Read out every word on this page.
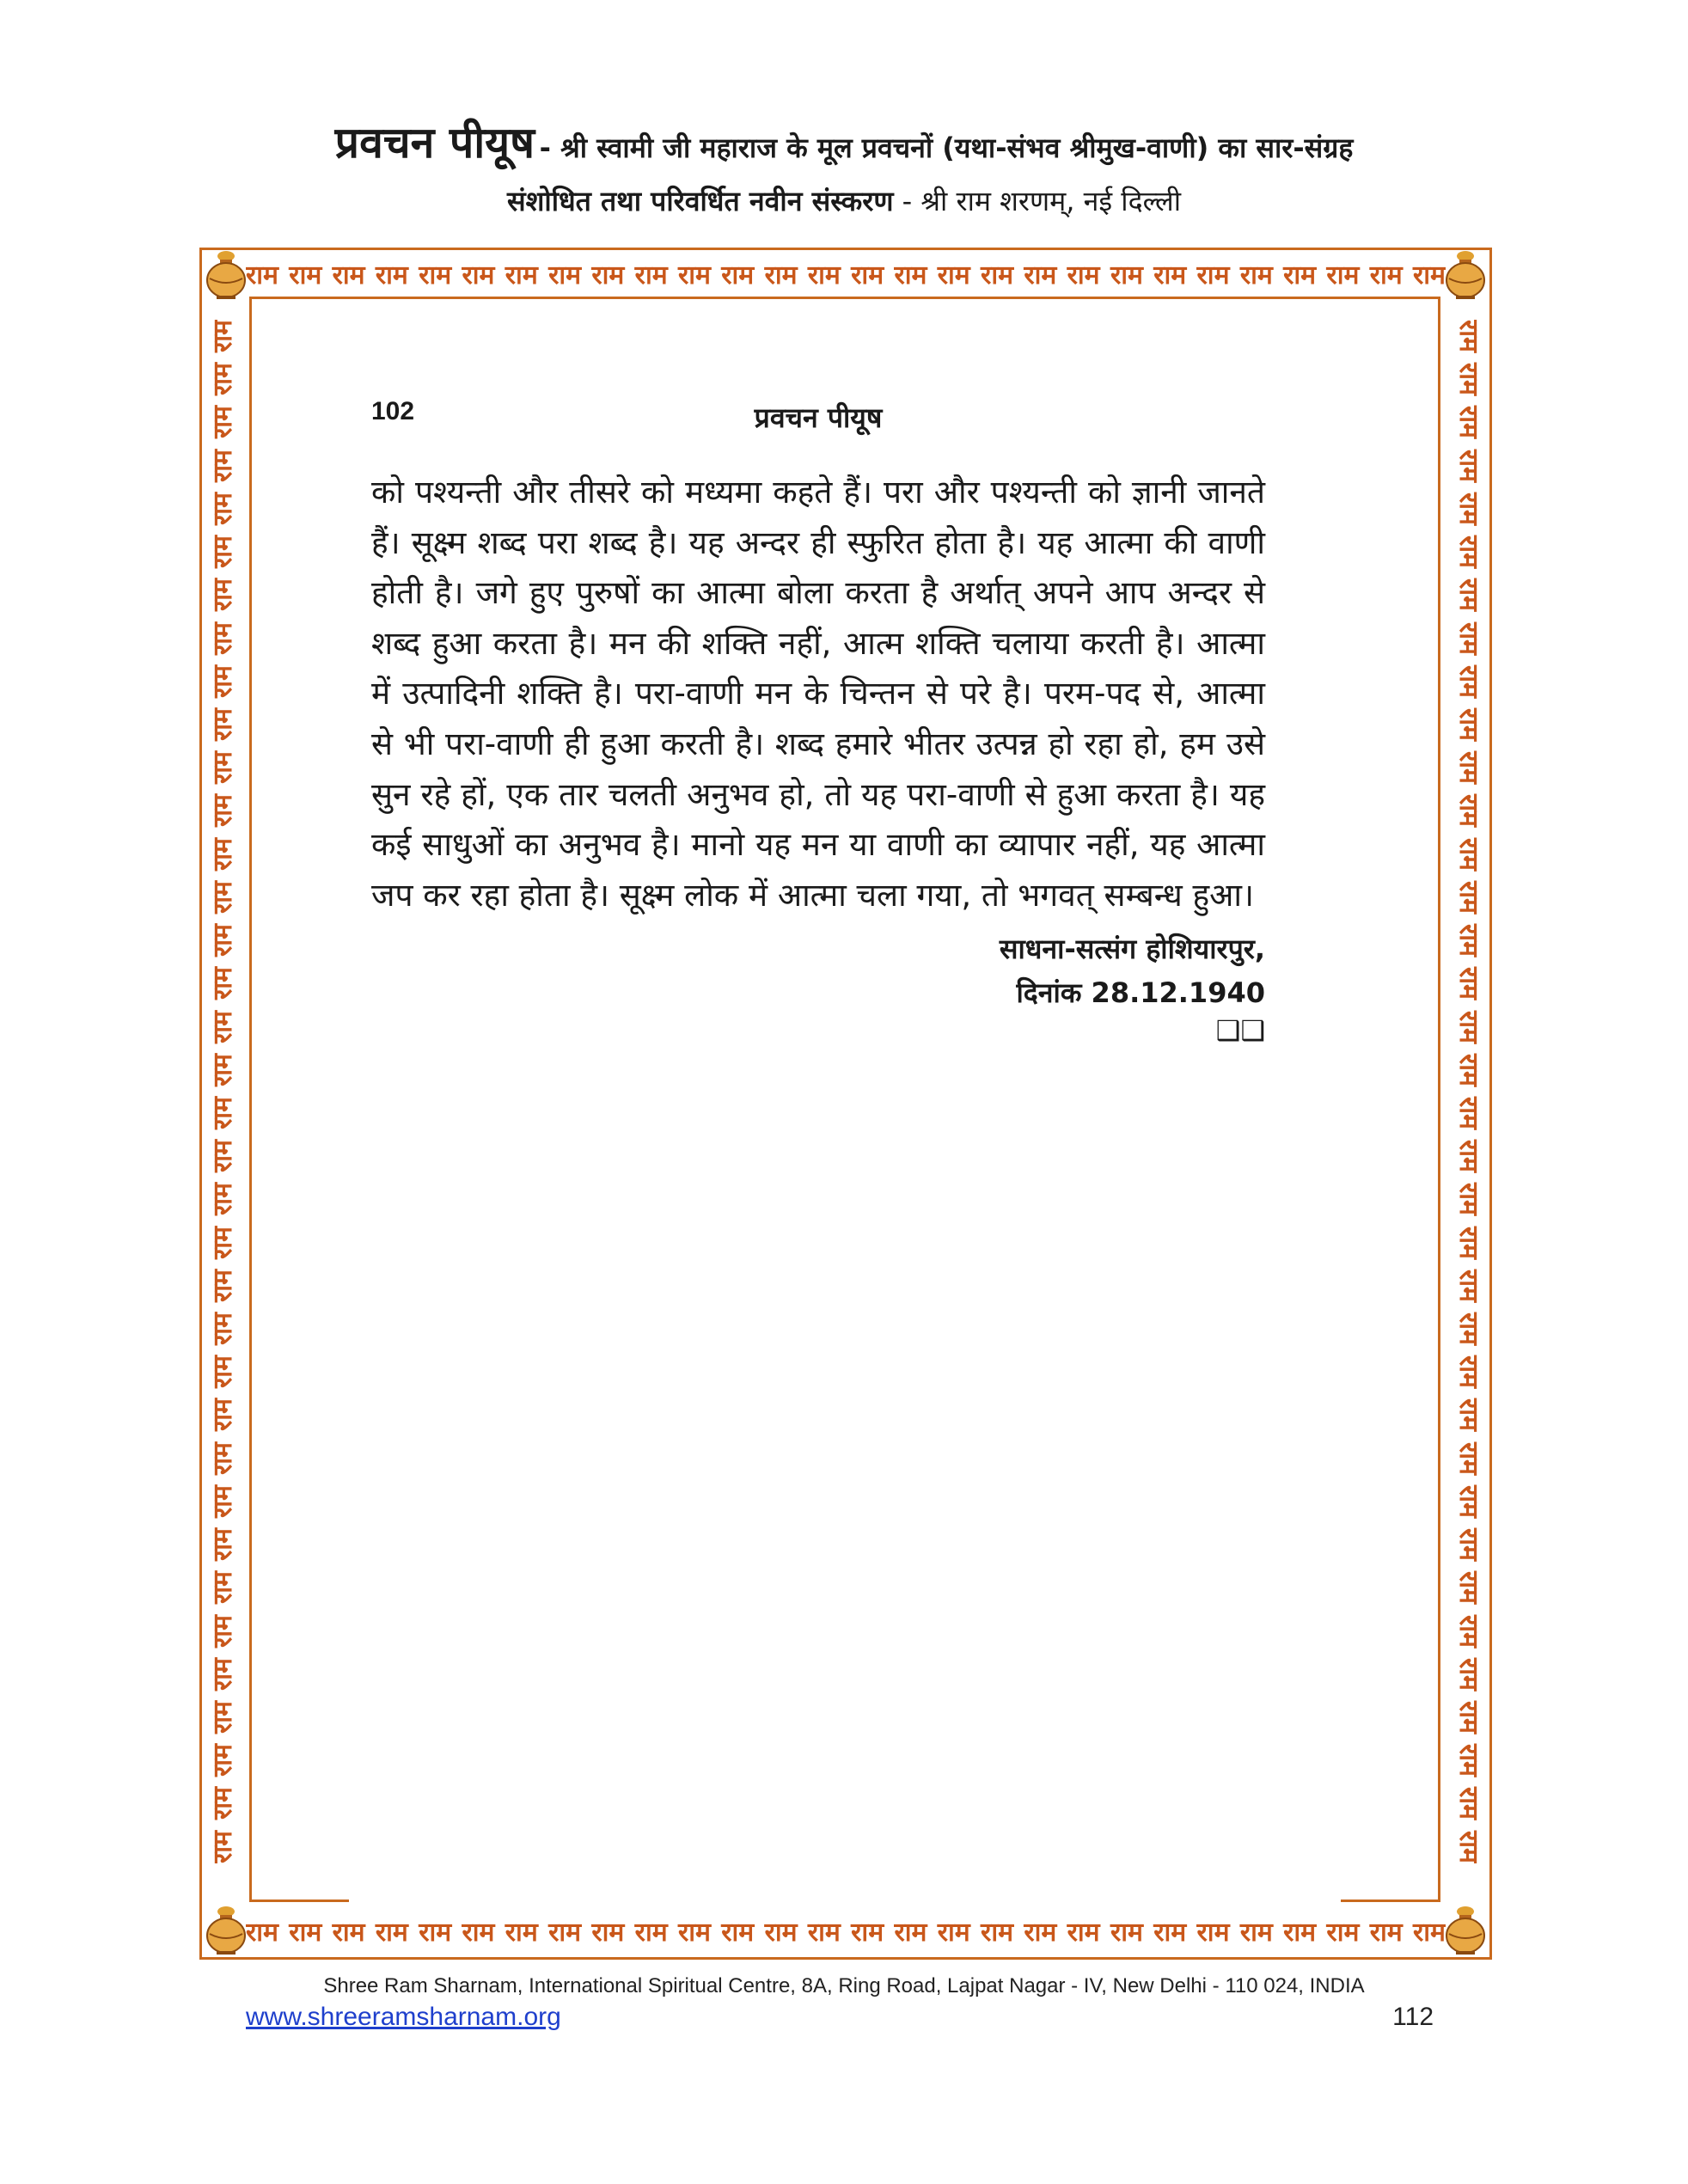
प्रवचन पीयूष - श्री स्वामी जी महाराज के मूल प्रवचनों (यथा-संभव श्रीमुख-वाणी) का सार-संग्रह
संशोधित तथा परिवर्धित नवीन संस्करण - श्री राम शरणम्, नई दिल्ली
राम राम राम राम राम राम राम राम राम राम राम राम राम राम राम राम राम राम राम राम राम राम राम राम राम राम राम राम
राम राम राम राम राम राम राम राम राम राम राम राम राम राम राम राम राम राम राम राम राम राम राम राम राम राम राम राम
राम
राम
राम
राम
राम
राम
राम
राम
राम
राम
राम
राम
राम
राम
राम
राम
राम
राम
राम
राम
राम
राम
राम
राम
राम
राम
राम
राम
राम
राम
राम
राम
राम
राम
राम
राम
राम
राम
राम
राम
राम
राम
राम
राम
राम
राम
राम
राम
राम
राम
राम
राम
राम
राम
राम
राम
राम
राम
राम
राम
राम
राम
राम
राम
राम
राम
राम
राम
राम
राम
राम
राम
102	प्रवचन पीयूष
को पश्यन्ती और तीसरे को मध्यमा कहते हैं। परा और पश्यन्ती को ज्ञानी जानते हैं। सूक्ष्म शब्द परा शब्द है। यह अन्दर ही स्फुरित होता है। यह आत्मा की वाणी होती है। जगे हुए पुरुषों का आत्मा बोला करता है अर्थात् अपने आप अन्दर से शब्द हुआ करता है। मन की शक्ति नहीं, आत्म शक्ति चलाया करती है। आत्मा में उत्पादिनी शक्ति है। परा-वाणी मन के चिन्तन से परे है। परम-पद से, आत्मा से भी परा-वाणी ही हुआ करती है। शब्द हमारे भीतर उत्पन्न हो रहा हो, हम उसे सुन रहे हों, एक तार चलती अनुभव हो, तो यह परा-वाणी से हुआ करता है। यह कई साधुओं का अनुभव है। मानो यह मन या वाणी का व्यापार नहीं, यह आत्मा जप कर रहा होता है। सूक्ष्म लोक में आत्मा चला गया, तो भगवत् सम्बन्ध हुआ।
साधना-सत्संग होशियारपुर,
दिनांक 28.12.1940
❑❑
Shree Ram Sharnam, International Spiritual Centre, 8A, Ring Road, Lajpat Nagar - IV, New Delhi - 110 024, INDIA
www.shreeramsharnam.org	112
